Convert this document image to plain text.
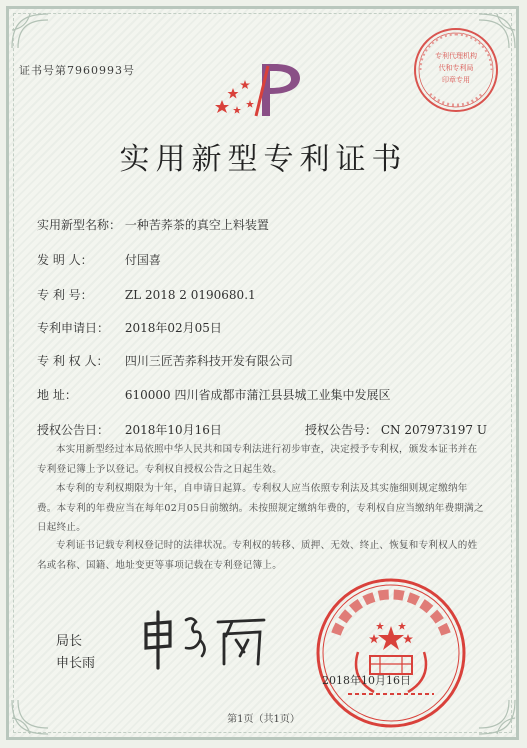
证书号第7960993号
专利代理机构
代和专利局
印章专用
实用新型专利证书
实用新型名称： 一种苦荞茶的真空上料装置
发 明 人：	付国喜
专 利 号：	ZL 2018 2 0190680.1
专利申请日： 2018年02月05日
专 利 权 人： 四川三匠苦荞科技开发有限公司
地 址：	610000 四川省成都市蒲江县县城工业集中发展区
授权公告日： 2018年10月16日	授权公告号： CN 207973197 U
本实用新型经过本局依照中华人民共和国专利法进行初步审查，决定授予专利权，颁发本证书并在专利登记簿上予以登记。专利权自授权公告之日起生效。
本专利的专利权期限为十年，自申请日起算。专利权人应当依照专利法及其实施细则规定缴纳年费。本专利的年费应当在每年02月05日前缴纳。未按照规定缴纳年费的，专利权自应当缴纳年费期满之日起终止。
专利证书记载专利权登记时的法律状况。专利权的转移、质押、无效、终止、恢复和专利权人的姓名或名称、国籍、地址变更等事项记载在专利登记簿上。
局长
申长雨
2018年10月16日
第1页（共1页）
